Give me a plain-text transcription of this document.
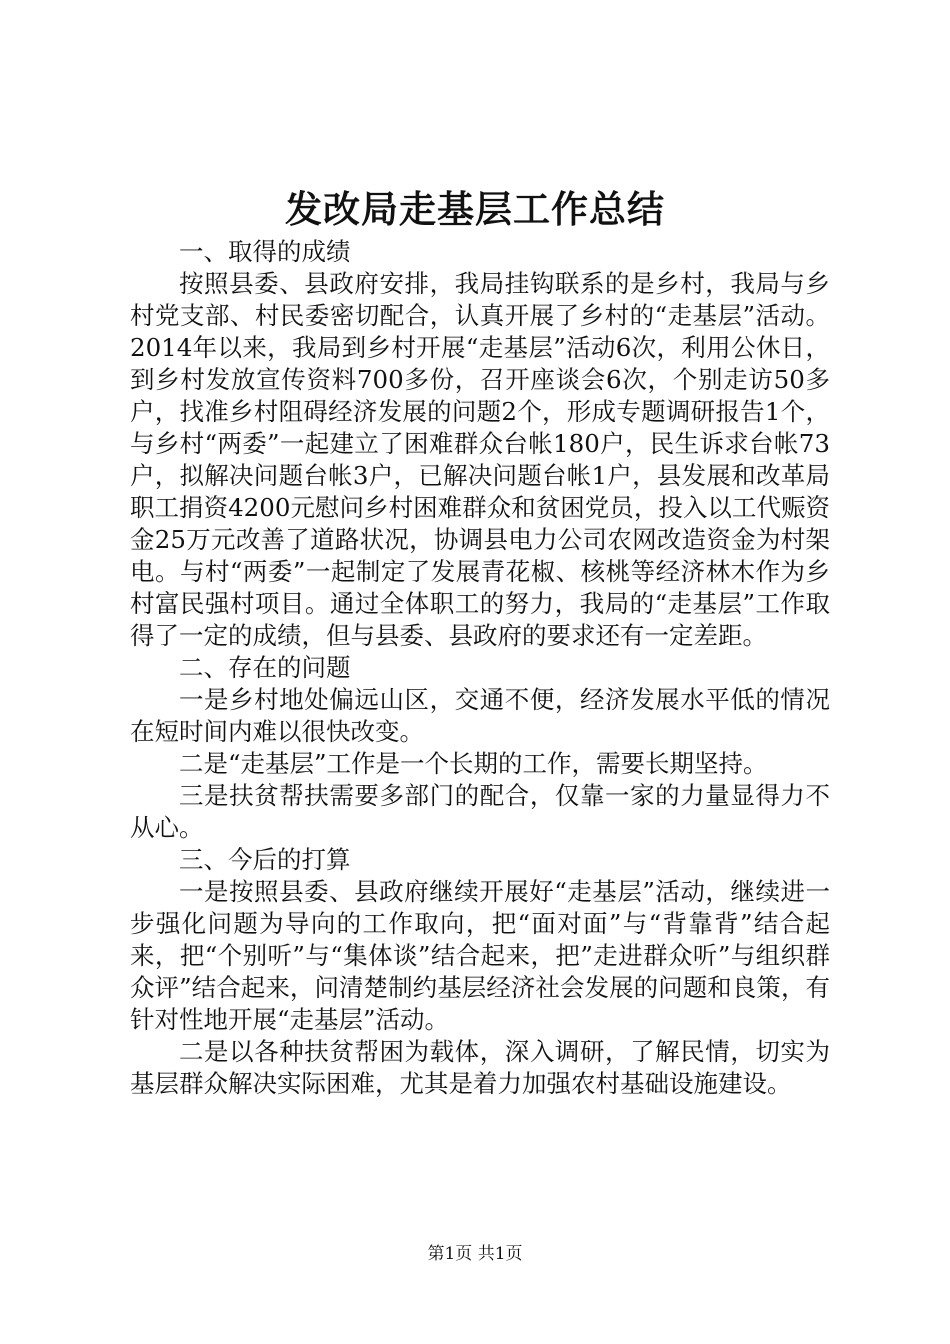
发改局走基层工作总结

一、取得的成绩

按照县委、县政府安排，我局挂钩联系的是乡村，我局与乡村党支部、村民委密切配合，认真开展了乡村的“走基层”活动。2014年以来，我局到乡村开展“走基层”活动6次，利用公休日，到乡村发放宣传资料700多份，召开座谈会6次，个别走访50多户，找准乡村阻碍经济发展的问题2个，形成专题调研报告1个，与乡村“两委”一起建立了困难群众台帐180户，民生诉求台帐73户，拟解决问题台帐3户，已解决问题台帐1户，县发展和改革局职工捐资4200元慰问乡村困难群众和贫困党员，投入以工代赈资金25万元改善了道路状况，协调县电力公司农网改造资金为村架电。与村“两委”一起制定了发展青花椒、核桃等经济林木作为乡村富民强村项目。通过全体职工的努力，我局的“走基层”工作取得了一定的成绩，但与县委、县政府的要求还有一定差距。

二、存在的问题

一是乡村地处偏远山区，交通不便，经济发展水平低的情况在短时间内难以很快改变。

二是“走基层”工作是一个长期的工作，需要长期坚持。

三是扶贫帮扶需要多部门的配合，仅靠一家的力量显得力不从心。

三、今后的打算

一是按照县委、县政府继续开展好“走基层”活动，继续进一步强化问题为导向的工作取向，把“面对面”与“背靠背”结合起来，把“个别听”与“集体谈”结合起来，把”走进群众听”与组织群众评”结合起来，问清楚制约基层经济社会发展的问题和良策，有针对性地开展“走基层”活动。

二是以各种扶贫帮困为载体，深入调研，了解民情，切实为基层群众解决实际困难，尤其是着力加强农村基础设施建设。

第1页 共1页
